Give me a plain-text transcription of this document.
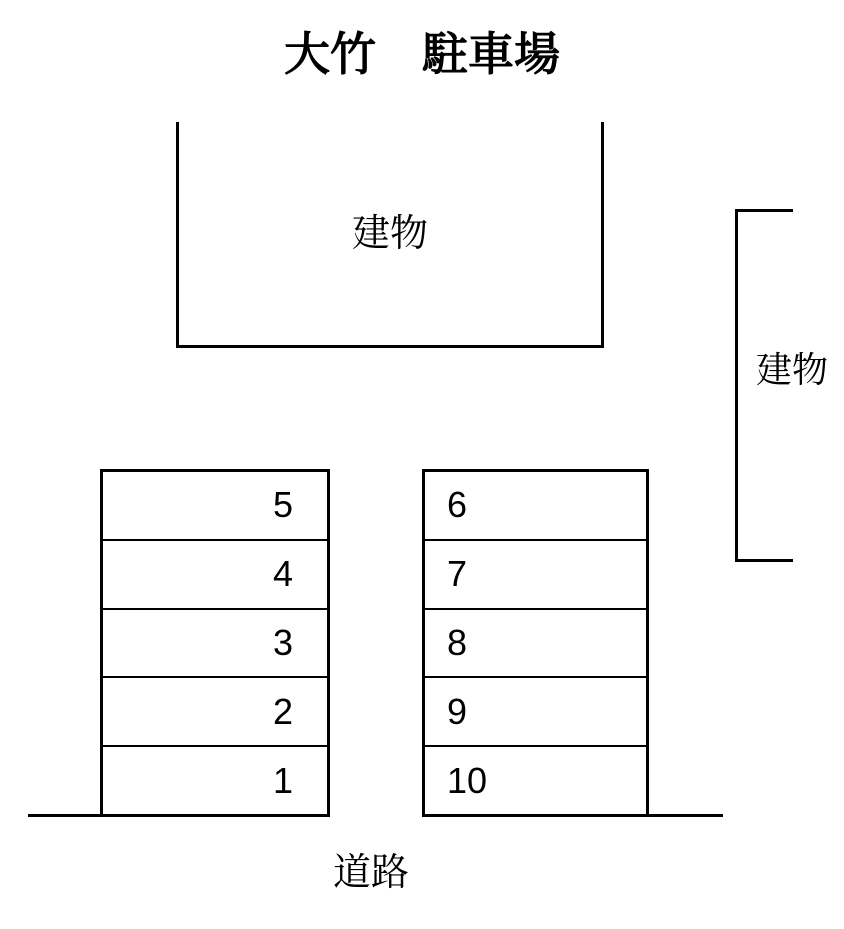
大竹　駐車場
建物
建物
5
4
3
2
1
6
7
8
9
10
道路
